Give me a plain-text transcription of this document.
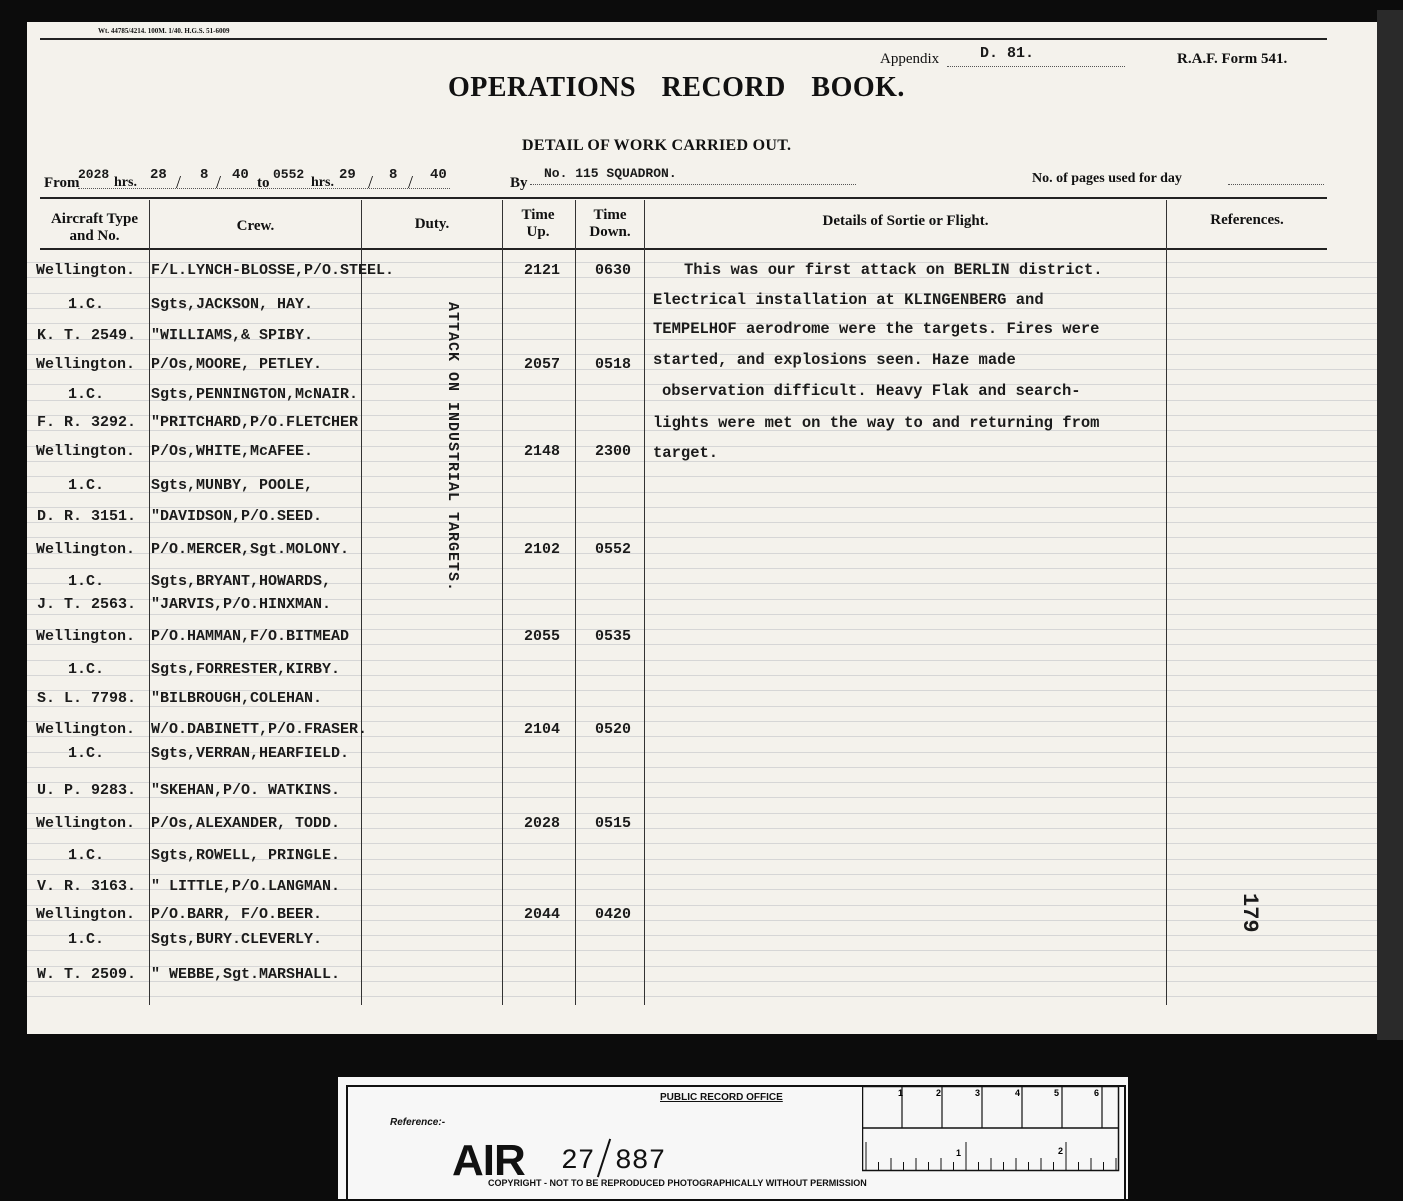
Wt. 44785/4214. 100M. 1/40. H.G.S. 51-6009
Appendix	D. 81.	R.A.F. Form 541.
OPERATIONS RECORD BOOK.
DETAIL OF WORK CARRIED OUT.
From
2028
hrs. 28 / 8 / 40 to
0552
hrs. 29 / 8 / 40	By
No. 115 SQUADRON.	No. of pages used for day
Aircraft Type and No.
Crew.	Duty.
Time Up.
Time Down.
Details of Sortie or Flight.	References.
ATTACK ON INDUSTRIAL TARGETS.
Wellington. F/L.LYNCH-BLOSSE,P/O.STEEL.	2121 0630
1.C.	Sgts,JACKSON, HAY.
K. T. 2549. "WILLIAMS,& SPIBY.
Wellington. P/Os,MOORE, PETLEY.	2057 0518
1.C.	Sgts,PENNINGTON,McNAIR.
F. R. 3292. "PRITCHARD,P/O.FLETCHER
Wellington. P/Os,WHITE,McAFEE.	2148 2300
1.C.	Sgts,MUNBY, POOLE,
D. R. 3151. "DAVIDSON,P/O.SEED.
Wellington. P/O.MERCER,Sgt.MOLONY.	2102 0552
1.C.	Sgts,BRYANT,HOWARDS,
J. T. 2563. "JARVIS,P/O.HINXMAN.
Wellington. P/O.HAMMAN,F/O.BITMEAD	2055 0535
1.C.	Sgts,FORRESTER,KIRBY.
S. L. 7798. "BILBROUGH,COLEHAN.
Wellington. W/O.DABINETT,P/O.FRASER.	2104 0520
1.C.	Sgts,VERRAN,HEARFIELD.
U. P. 9283. "SKEHAN,P/O. WATKINS.
Wellington. P/Os,ALEXANDER, TODD.	2028 0515
1.C.	Sgts,ROWELL, PRINGLE.
V. R. 3163. " LITTLE,P/O.LANGMAN.
Wellington. P/O.BARR, F/O.BEER.	2044 0420
1.C.	Sgts,BURY.CLEVERLY.
W. T. 2509. " WEBBE,Sgt.MARSHALL.
This was our first attack on BERLIN district.
Electrical installation at KLINGENBERG and
TEMPELHOF aerodrome were the targets. Fires were
started, and explosions seen. Haze made
observation difficult. Heavy Flak and search-
lights were met on the way to and returning from
target.
179
PUBLIC RECORD OFFICE
Reference:-
AIR 27 887
COPYRIGHT - NOT TO BE REPRODUCED PHOTOGRAPHICALLY WITHOUT PERMISSION
1	2	3	4	5	6
1	2
